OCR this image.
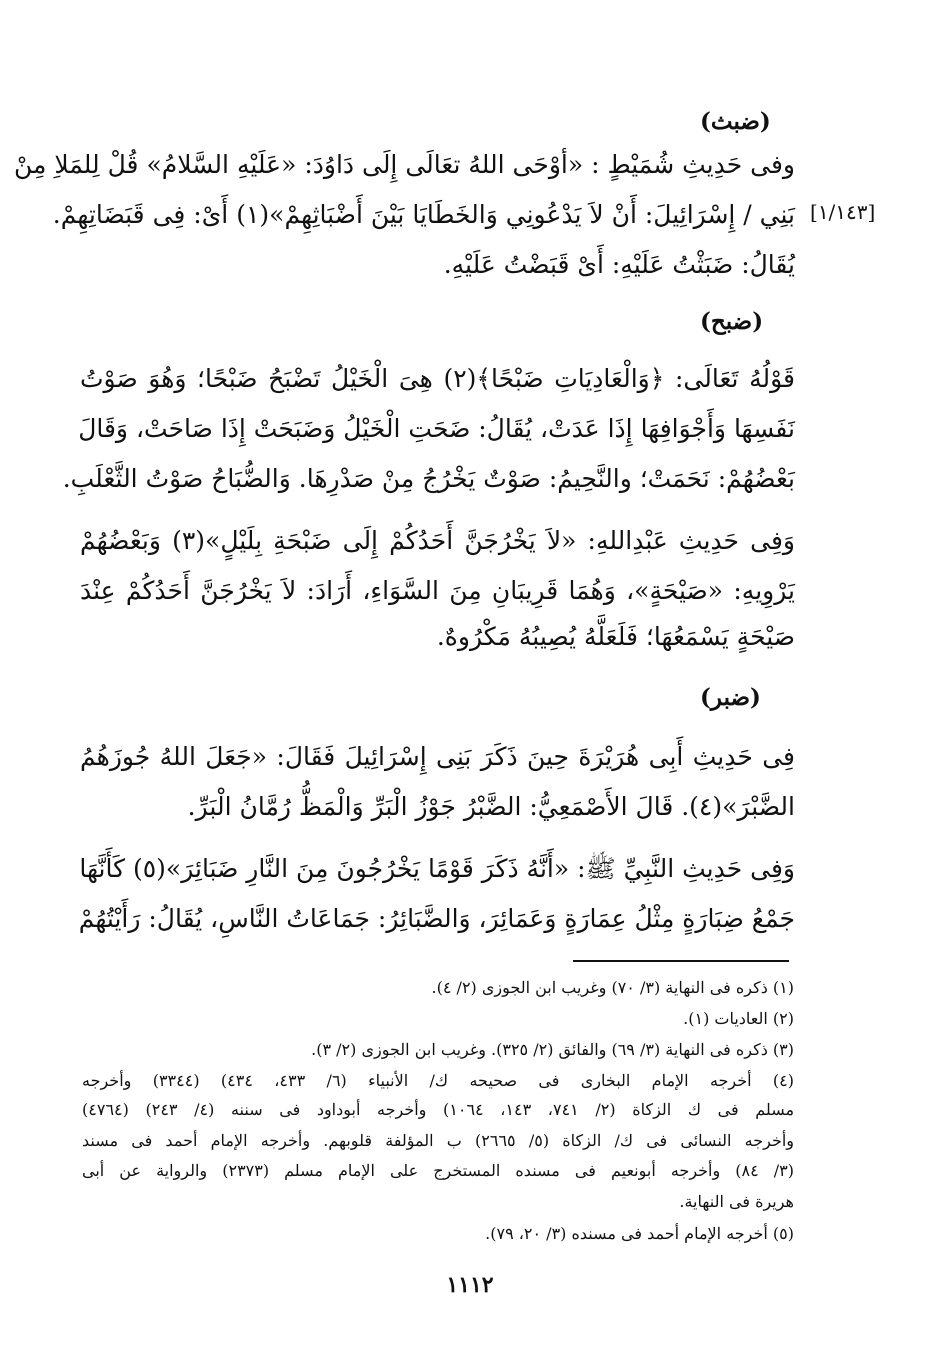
(ضبث)
وفى حَدِيثِ شُمَيْطٍ : «أوْحَى اللهُ تعَالَى إِلَى دَاوُدَ: «عَلَيْهِ السَّلامُ» قُلْ لِلمَلاِ مِنْ
بَنِي / إِسْرَائِيلَ: أَنْ لاَ يَدْعُونِي وَالخَطَايَا بَيْنَ أَضْبَاثِهِمْ»(١) أَىْ: فِى قَبَضَاتِهِمْ. [١/١٤٣]
يُقَالُ: ضَبَثْتُ عَلَيْهِ: أَىْ قَبَضْتُ عَلَيْهِ.
(ضبح)
قَوْلُهُ تَعَالَى: ﴿وَالْعَادِيَاتِ ضَبْحًا﴾(٢) هِىَ الْخَيْلُ تَضْبَحُ ضَبْحًا؛ وَهُوَ صَوْتُ
نَفَسِهَا وَأَجْوَافِهَا إِذَا عَدَتْ، يُقَالُ: ضَحَتِ الْخَيْلُ وَضَبَحَتْ إِذَا صَاحَتْ، وَقَالَ
بَعْضُهُمْ: نَحَمَتْ؛ والنَّحِيمُ: صَوْتٌ يَخْرُجُ مِنْ صَدْرِهَا. وَالضُّبَاحُ صَوْتُ الثَّعْلَبِ.
وَفِى حَدِيثِ عَبْدِاللهِ: «لاَ يَخْرُجَنَّ أَحَدُكُمْ إِلَى ضَبْحَةِ بِلَيْلٍ»(٣) وَبَعْضُهُمْ
يَرْوِيهِ: «صَيْحَةٍ»، وَهُمَا قَرِيبَانِ مِنَ السَّوَاءِ، أَرَادَ: لاَ يَخْرُجَنَّ أَحَدُكُمْ عِنْدَ
صَيْحَةٍ يَسْمَعُهَا؛ فَلَعَلَّهُ يُصِيبُهُ مَكْرُوهٌ.
(ضبر)
فِى حَدِيثِ أَبِى هُرَيْرَةَ حِينَ ذَكَرَ بَنِى إِسْرَائِيلَ فَقَالَ: «جَعَلَ اللهُ جُوزَهُمُ
الضَّبْرَ»(٤). قَالَ الأَصْمَعِيُّ: الضَّبْرُ جَوْزُ الْبَرِّ وَالْمَظُّ رُمَّانُ الْبَرِّ.
وَفِى حَدِيثِ النَّبِيِّ ﷺ: «أَنَّهُ ذَكَرَ قَوْمًا يَخْرُجُونَ مِنَ النَّارِ ضَبَائِرَ»(٥) كَأَنَّهَا
جَمْعُ ضِبَارَةٍ مِثْلُ عِمَارَةٍ وَعَمَائِرَ، وَالضَّبَائِرُ: جَمَاعَاتُ النَّاسِ، يُقَالُ: رَأَيْتُهُمْ
(١) ذكره فى النهاية (٣/ ٧٠) وغريب ابن الجوزى (٢/ ٤).
(٢) العاديات (١).
(٣) ذكره فى النهاية (٣/ ٦٩) والفائق (٢/ ٣٢٥). وغريب ابن الجوزى (٢/ ٣).
(٤) أخرجه الإمام البخارى فى صحيحه ك/ الأنبياء (٦/ ٤٣٣، ٤٣٤) (٣٣٤٤) وأخرجه
مسلم فى ك الزكاة (٢/ ٧٤١، ١٤٣، ١٠٦٤) وأخرجه أبوداود فى سننه (٤/ ٢٤٣) (٤٧٦٤)
وأخرجه النسائى فى ك/ الزكاة (٥/ ٢٦٦٥) ب المؤلفة قلوبهم. وأخرجه الإمام أحمد فى مسند
(٣/ ٨٤) وأخرجه أبونعيم فى مسنده المستخرج على الإمام مسلم (٢٣٧٣) والرواية عن أبى
هريرة فى النهاية.
(٥) أخرجه الإمام أحمد فى مسنده (٣/ ٢٠، ٧٩).
١١١٢
